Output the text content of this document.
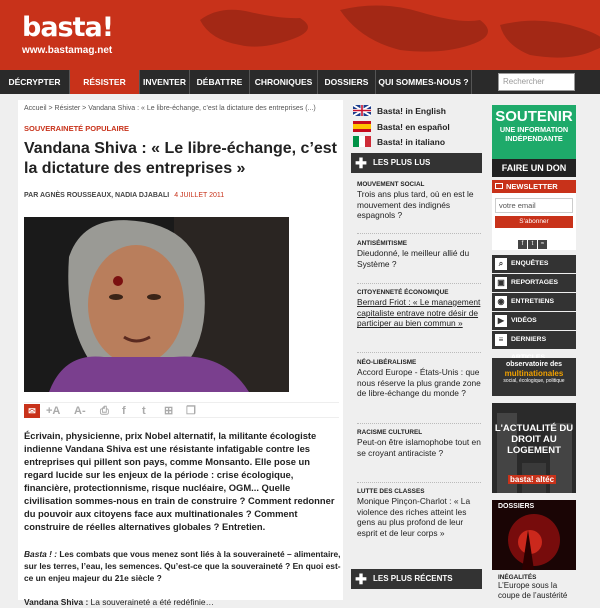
basta!
www.bastamag.net
DÉCRYPTER	RÉSISTER	INVENTER	DÉBATTRE	CHRONIQUES	DOSSIERS	QUI SOMMES-NOUS ?	Rechercher
Accueil > Résister > Vandana Shiva : « Le libre-échange, c’est la dictature des entreprises (...)
SOUVERAINETÉ POPULAIRE
Vandana Shiva : « Le libre-échange, c’est la dictature des entreprises »
PAR AGNÈS ROUSSEAUX, NADIA DJABALI 4 JUILLET 2011
✉ +A A- ⎙ f t ⊞ ❐

Écrivain, physicienne, prix Nobel alternatif, la militante écologiste indienne Vandana Shiva est une résistante infatigable contre les entreprises qui pillent son pays, comme Monsanto. Elle pose un regard lucide sur les enjeux de la période : crise écologique, financière, protectionnisme, risque nucléaire, OGM... Quelle civilisation sommes-nous en train de construire ? Comment redonner du pouvoir aux citoyens face aux multinationales ? Comment construire de réelles alternatives globales ? Entretien.

Basta ! : Les combats que vous menez sont liés à la souveraineté – alimentaire, sur les terres, l’eau, les semences. Qu’est-ce que la souveraineté ? En quoi est-ce un enjeu majeur du 21e siècle ?

Vandana Shiva : La souveraineté a été redéfinie…

Basta! in English
Basta! en español
Basta! in italiano
✚ LES PLUS LUS
MOUVEMENT SOCIAL
Trois ans plus tard, où en est le mouvement des indignés espagnols ?
ANTISÉMITISME
Dieudonné, le meilleur allié du Système ?
CITOYENNETÉ ÉCONOMIQUE
Bernard Friot : « Le management capitaliste entrave notre désir de participer au bien commun »
NÉO-LIBÉRALISME
Accord Europe - États-Unis : que nous réserve la plus grande zone de libre-échange du monde ?
RACISME CULTUREL
Peut-on être islamophobe tout en se croyant antiraciste ?
LUTTE DES CLASSES
Monique Pinçon-Charlot : « La violence des riches atteint les gens au plus profond de leur esprit et de leur corps »
✚ LES PLUS RÉCENTS
SOUTENIR
UNE INFORMATION INDÉPENDANTE
FAIRE UN DON
NEWSLETTER
votre email
S'abonner
f t ≈
⌕	ENQUÊTES
▣ REPORTAGES
◉ ENTRETIENS
▶	VIDÉOS
≡	DERNIERS
observatoire des
multinationales
social, écologique, politique
L'ACTUALITÉ DU DROIT AU LOGEMENT
basta! altéc
DOSSIERS
INÉGALITÉS
L’Europe sous la coupe de l’austérité
